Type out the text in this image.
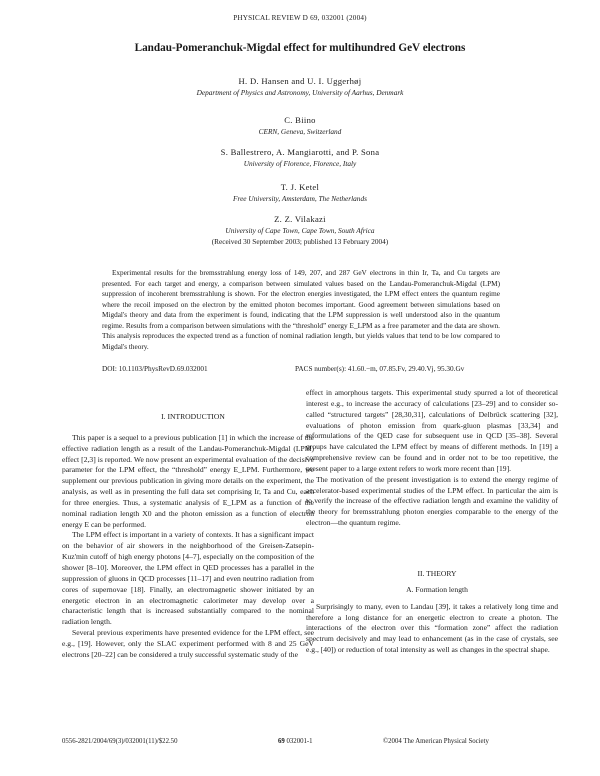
PHYSICAL REVIEW D 69, 032001 (2004)
Landau-Pomeranchuk-Migdal effect for multihundred GeV electrons
H. D. Hansen and U. I. Uggerhøj
Department of Physics and Astronomy, University of Aarhus, Denmark
C. Biino
CERN, Geneva, Switzerland
S. Ballestrero, A. Mangiarotti, and P. Sona
University of Florence, Florence, Italy
T. J. Ketel
Free University, Amsterdam, The Netherlands
Z. Z. Vilakazi
University of Cape Town, Cape Town, South Africa
(Received 30 September 2003; published 13 February 2004)
Experimental results for the bremsstrahlung energy loss of 149, 207, and 287 GeV electrons in thin Ir, Ta, and Cu targets are presented. For each target and energy, a comparison between simulated values based on the Landau-Pomeranchuk-Migdal (LPM) suppression of incoherent bremsstrahlung is shown. For the electron energies investigated, the LPM effect enters the quantum regime where the recoil imposed on the electron by the emitted photon becomes important. Good agreement between simulations based on Migdal's theory and data from the experiment is found, indicating that the LPM suppression is well understood also in the quantum regime. Results from a comparison between simulations with the “threshold” energy E_LPM as a free parameter and the data are shown. This analysis reproduces the expected trend as a function of nominal radiation length, but yields values that tend to be low compared to Migdal's theory.
DOI: 10.1103/PhysRevD.69.032001	PACS number(s): 41.60.−m, 07.85.Fv, 29.40.Vj, 95.30.Gv

I. INTRODUCTION

This paper is a sequel to a previous publication [1] in which the increase of the effective radiation length as a result of the Landau-Pomeranchuk-Migdal (LPM) effect [2,3] is reported. We now present an experimental evaluation of the decisive parameter for the LPM effect, the “threshold” energy E_LPM. Furthermore, we supplement our previous publication in giving more details on the experiment, the analysis, as well as in presenting the full data set comprising Ir, Ta and Cu, each for three energies. Thus, a systematic analysis of E_LPM as a function of the nominal radiation length X0 and the photon emission as a function of electron energy E can be performed.

The LPM effect is important in a variety of contexts. It has a significant impact on the behavior of air showers in the neighborhood of the Greisen-Zatsepin-Kuz'min cutoff of high energy photons [4–7], especially on the composition of the shower [8–10]. Moreover, the LPM effect in QED processes has a parallel in the suppression of gluons in QCD processes [11–17] and even neutrino radiation from cores of supernovae [18]. Finally, an electromagnetic shower initiated by an energetic electron in an electromagnetic calorimeter may develop over a characteristic length that is increased substantially compared to the nominal radiation length.

Several previous experiments have presented evidence for the LPM effect, see e.g., [19]. However, only the SLAC experiment performed with 8 and 25 GeV electrons [20–22] can be considered a truly successful systematic study of the

effect in amorphous targets. This experimental study spurred a lot of theoretical interest e.g., to increase the accuracy of calculations [23–29] and to consider so-called “structured targets” [28,30,31], calculations of Delbrück scattering [32], evaluations of photon emission from quark-gluon plasmas [33,34] and reformulations of the QED case for subsequent use in QCD [35–38]. Several groups have calculated the LPM effect by means of different methods. In [19] a comprehensive review can be found and in order not to be too repetitive, the present paper to a large extent refers to work more recent than [19].

The motivation of the present investigation is to extend the energy regime of accelerator-based experimental studies of the LPM effect. In particular the aim is to verify the increase of the effective radiation length and examine the validity of the theory for bremsstrahlung photon energies comparable to the energy of the electron—the quantum regime.

II. THEORY

A. Formation length

Surprisingly to many, even to Landau [39], it takes a relatively long time and therefore a long distance for an energetic electron to create a photon. The interactions of the electron over this “formation zone” affect the radiation spectrum decisively and may lead to enhancement (as in the case of crystals, see e.g., [40]) or reduction of total intensity as well as changes in the spectral shape.

0556-2821/2004/69(3)/032001(11)/$22.50	69 032001-1	©2004 The American Physical Society
